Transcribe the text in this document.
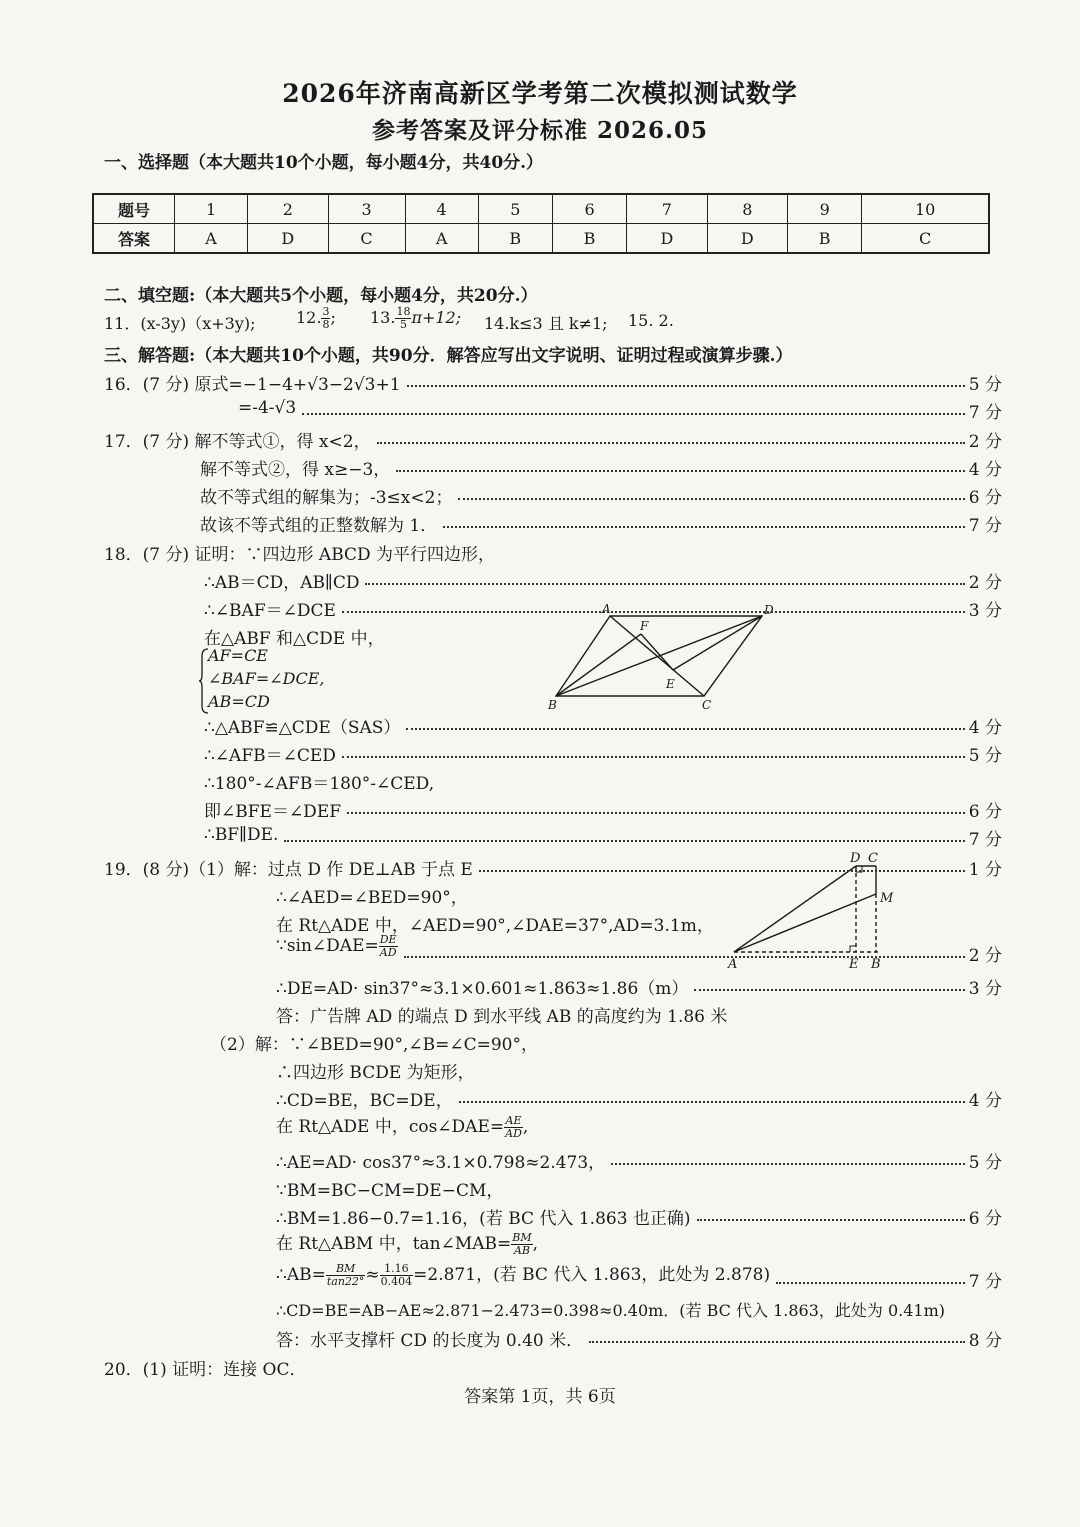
2026年济南高新区学考第二次模拟测试数学
参考答案及评分标准 2026.05
一、选择题（本大题共10个小题，每小题4分，共40分.）
题号	1	2	3	4	5	6	7	8	9	10
答案	A	D	C	A	B	B	D	D	B	C
二、填空题:（本大题共5个小题，每小题4分，共20分.）
11．(x-3y)（x+3y);	12. $\frac{3}{8}$ ; 13. $\frac{18}{5} \pi+12$; 14.k≤3 且 k≠1; 15. 2.
三、解答题:（本大题共10个小题，共90分．解答应写出文字说明、证明过程或演算步骤.）
16．(7 分) 原式=−1−4+√3−2√3+1	5 分
=-4-√3	7 分
17．(7 分) 解不等式①，得 x<2，	2 分
解不等式②，得 x≥−3，	4 分
故不等式组的解集为；-3≤x<2；	6 分
故该不等式组的正整数解为 1．	7 分
18．(7 分) 证明：∵四边形 ABCD 为平行四边形，
∴AB＝CD，AB∥CD	2 分
∴∠BAF＝∠DCE	3 分
在△ABF 和△CDE 中，
AF=CE
∠BAF=∠DCE,
AB=CD
∴△ABF≌△CDE（SAS）	4 分
∴∠AFB＝∠CED	5 分
∴180°-∠AFB＝180°-∠CED,
即∠BFE＝∠DEF	6 分
∴BF∥DE.	7 分
A	D
B	C
F
E
19．(8 分)（1）解：过点 D 作 DE⊥AB 于点 E	1 分
∴∠AED=∠BED=90°，
在 Rt△ADE 中，∠AED=90°,∠DAE=37°,AD=3.1m，
∵sin∠DAE= $\frac{DE}{AD}$	2 分
∴DE=AD· sin37°≈3.1×0.601≈1.863≈1.86（m）	3 分
答：广告牌 AD 的端点 D 到水平线 AB 的高度约为 1.86 米
D C
M
A	E B
（2）解：∵∠BED=90°,∠B=∠C=90°，
∴四边形 BCDE 为矩形，
∴CD=BE，BC=DE，	4 分
在 Rt△ADE 中，cos∠DAE= $\frac{AE}{AD}$ ,
∴AE=AD· cos37°≈3.1×0.798≈2.473，	5 分
∵BM=BC−CM=DE−CM，
∴BM=1.86−0.7=1.16，(若 BC 代入 1.863 也正确)	6 分
在 Rt△ABM 中，tan∠MAB= $\frac{BM}{AB}$ ,
∴AB= $\frac{BM}{\tan 22^\circ} \approx \frac{1.16}{0.404} =2.871$，(若 BC 代入 1.863，此处为 2.878)	7 分
∴CD=BE=AB−AE≈2.871−2.473=0.398≈0.40m．(若 BC 代入 1.863，此处为 0.41m)
答：水平支撑杆 CD 的长度为 0.40 米．	8 分
20．(1) 证明：连接 OC．
答案第 1页，共 6页
